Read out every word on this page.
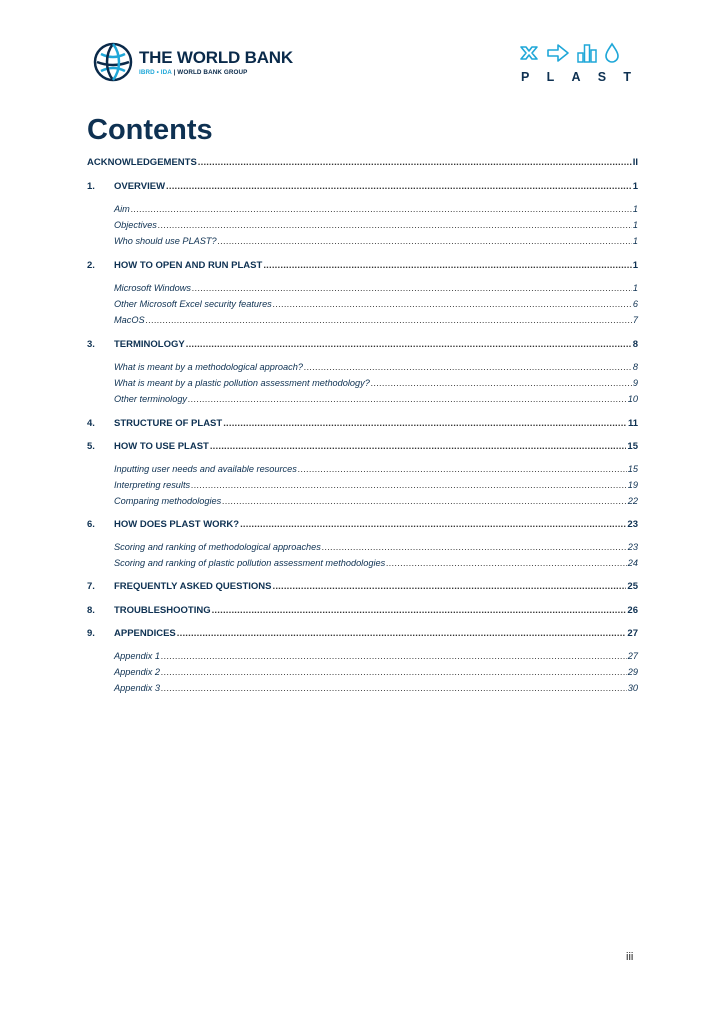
THE WORLD BANK
IBRD • IDA | WORLD BANK GROUP	P L A S T
Contents
ACKNOWLEDGEMENTS .....	II
1.	OVERVIEW .....	1
Aim .....	1
Objectives .....	1
Who should use PLAST? .....	1
2.	HOW TO OPEN AND RUN PLAST .....	1
Microsoft Windows .....	1
Other Microsoft Excel security features .....	6
MacOS .....	7
3.	TERMINOLOGY .....	8
What is meant by a methodological approach? .....	8
What is meant by a plastic pollution assessment methodology? .....	9
Other terminology .....	10
4.	STRUCTURE OF PLAST .....	11
5.	HOW TO USE PLAST .....	15
Inputting user needs and available resources .....	15
Interpreting results .....	19
Comparing methodologies .....	22
6.	HOW DOES PLAST WORK? .....	23
Scoring and ranking of methodological approaches .....	23
Scoring and ranking of plastic pollution assessment methodologies .....	24
7.	FREQUENTLY ASKED QUESTIONS .....	25
8.	TROUBLESHOOTING .....	26
9.	APPENDICES .....	27
Appendix 1 .....	27
Appendix 2 .....	29
Appendix 3 .....	30
iii
